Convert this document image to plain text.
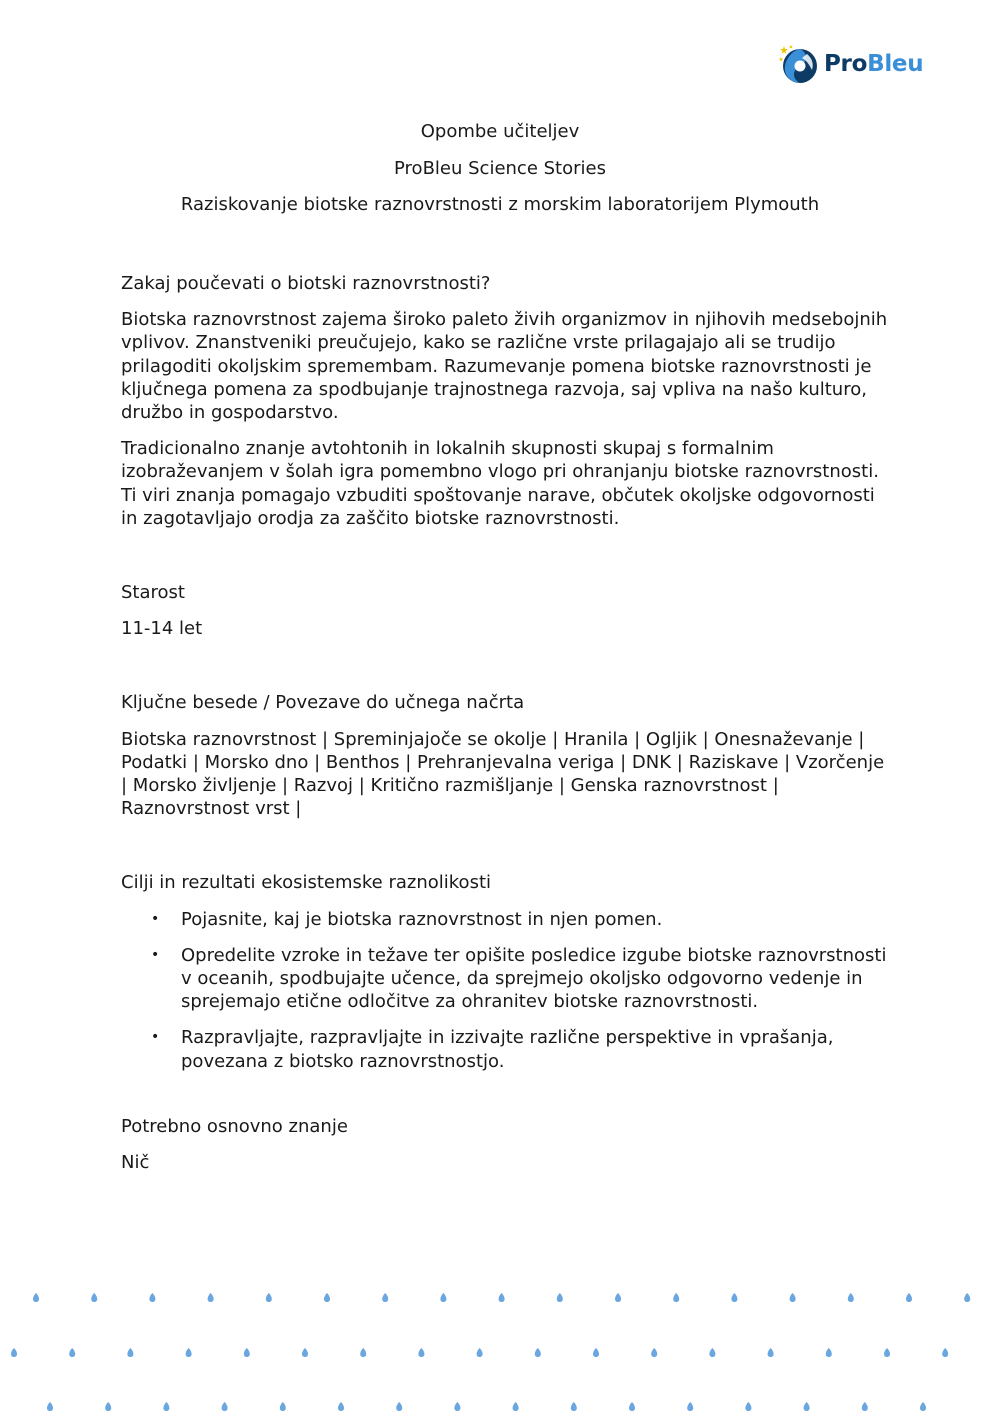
ProBleu
Opombe učiteljev
ProBleu Science Stories
Raziskovanje biotske raznovrstnosti z morskim laboratorijem Plymouth
Zakaj poučevati o biotski raznovrstnosti?

Biotska raznovrstnost zajema široko paleto živih organizmov in njihovih medsebojnih vplivov. Znanstveniki preučujejo, kako se različne vrste prilagajajo ali se trudijo prilagoditi okoljskim spremembam. Razumevanje pomena biotske raznovrstnosti je ključnega pomena za spodbujanje trajnostnega razvoja, saj vpliva na našo kulturo, družbo in gospodarstvo.

Tradicionalno znanje avtohtonih in lokalnih skupnosti skupaj s formalnim izobraževanjem v šolah igra pomembno vlogo pri ohranjanju biotske raznovrstnosti. Ti viri znanja pomagajo vzbuditi spoštovanje narave, občutek okoljske odgovornosti in zagotavljajo orodja za zaščito biotske raznovrstnosti.

Starost

11-14 let

Ključne besede / Povezave do učnega načrta

Biotska raznovrstnost | Spreminjajoče se okolje | Hranila | Ogljik | Onesnaževanje | Podatki | Morsko dno | Benthos | Prehranjevalna veriga | DNK | Raziskave | Vzorčenje | Morsko življenje | Razvoj | Kritično razmišljanje | Genska raznovrstnost | Raznovrstnost vrst |

Cilji in rezultati ekosistemske raznolikosti
• Pojasnite, kaj je biotska raznovrstnost in njen pomen.
• Opredelite vzroke in težave ter opišite posledice izgube biotske raznovrstnosti v oceanih, spodbujajte učence, da sprejmejo okoljsko odgovorno vedenje in sprejemajo etične odločitve za ohranitev biotske raznovrstnosti.
• Razpravljajte, razpravljajte in izzivajte različne perspektive in vprašanja, povezana z biotsko raznovrstnostjo.
Potrebno osnovno znanje

Nič
